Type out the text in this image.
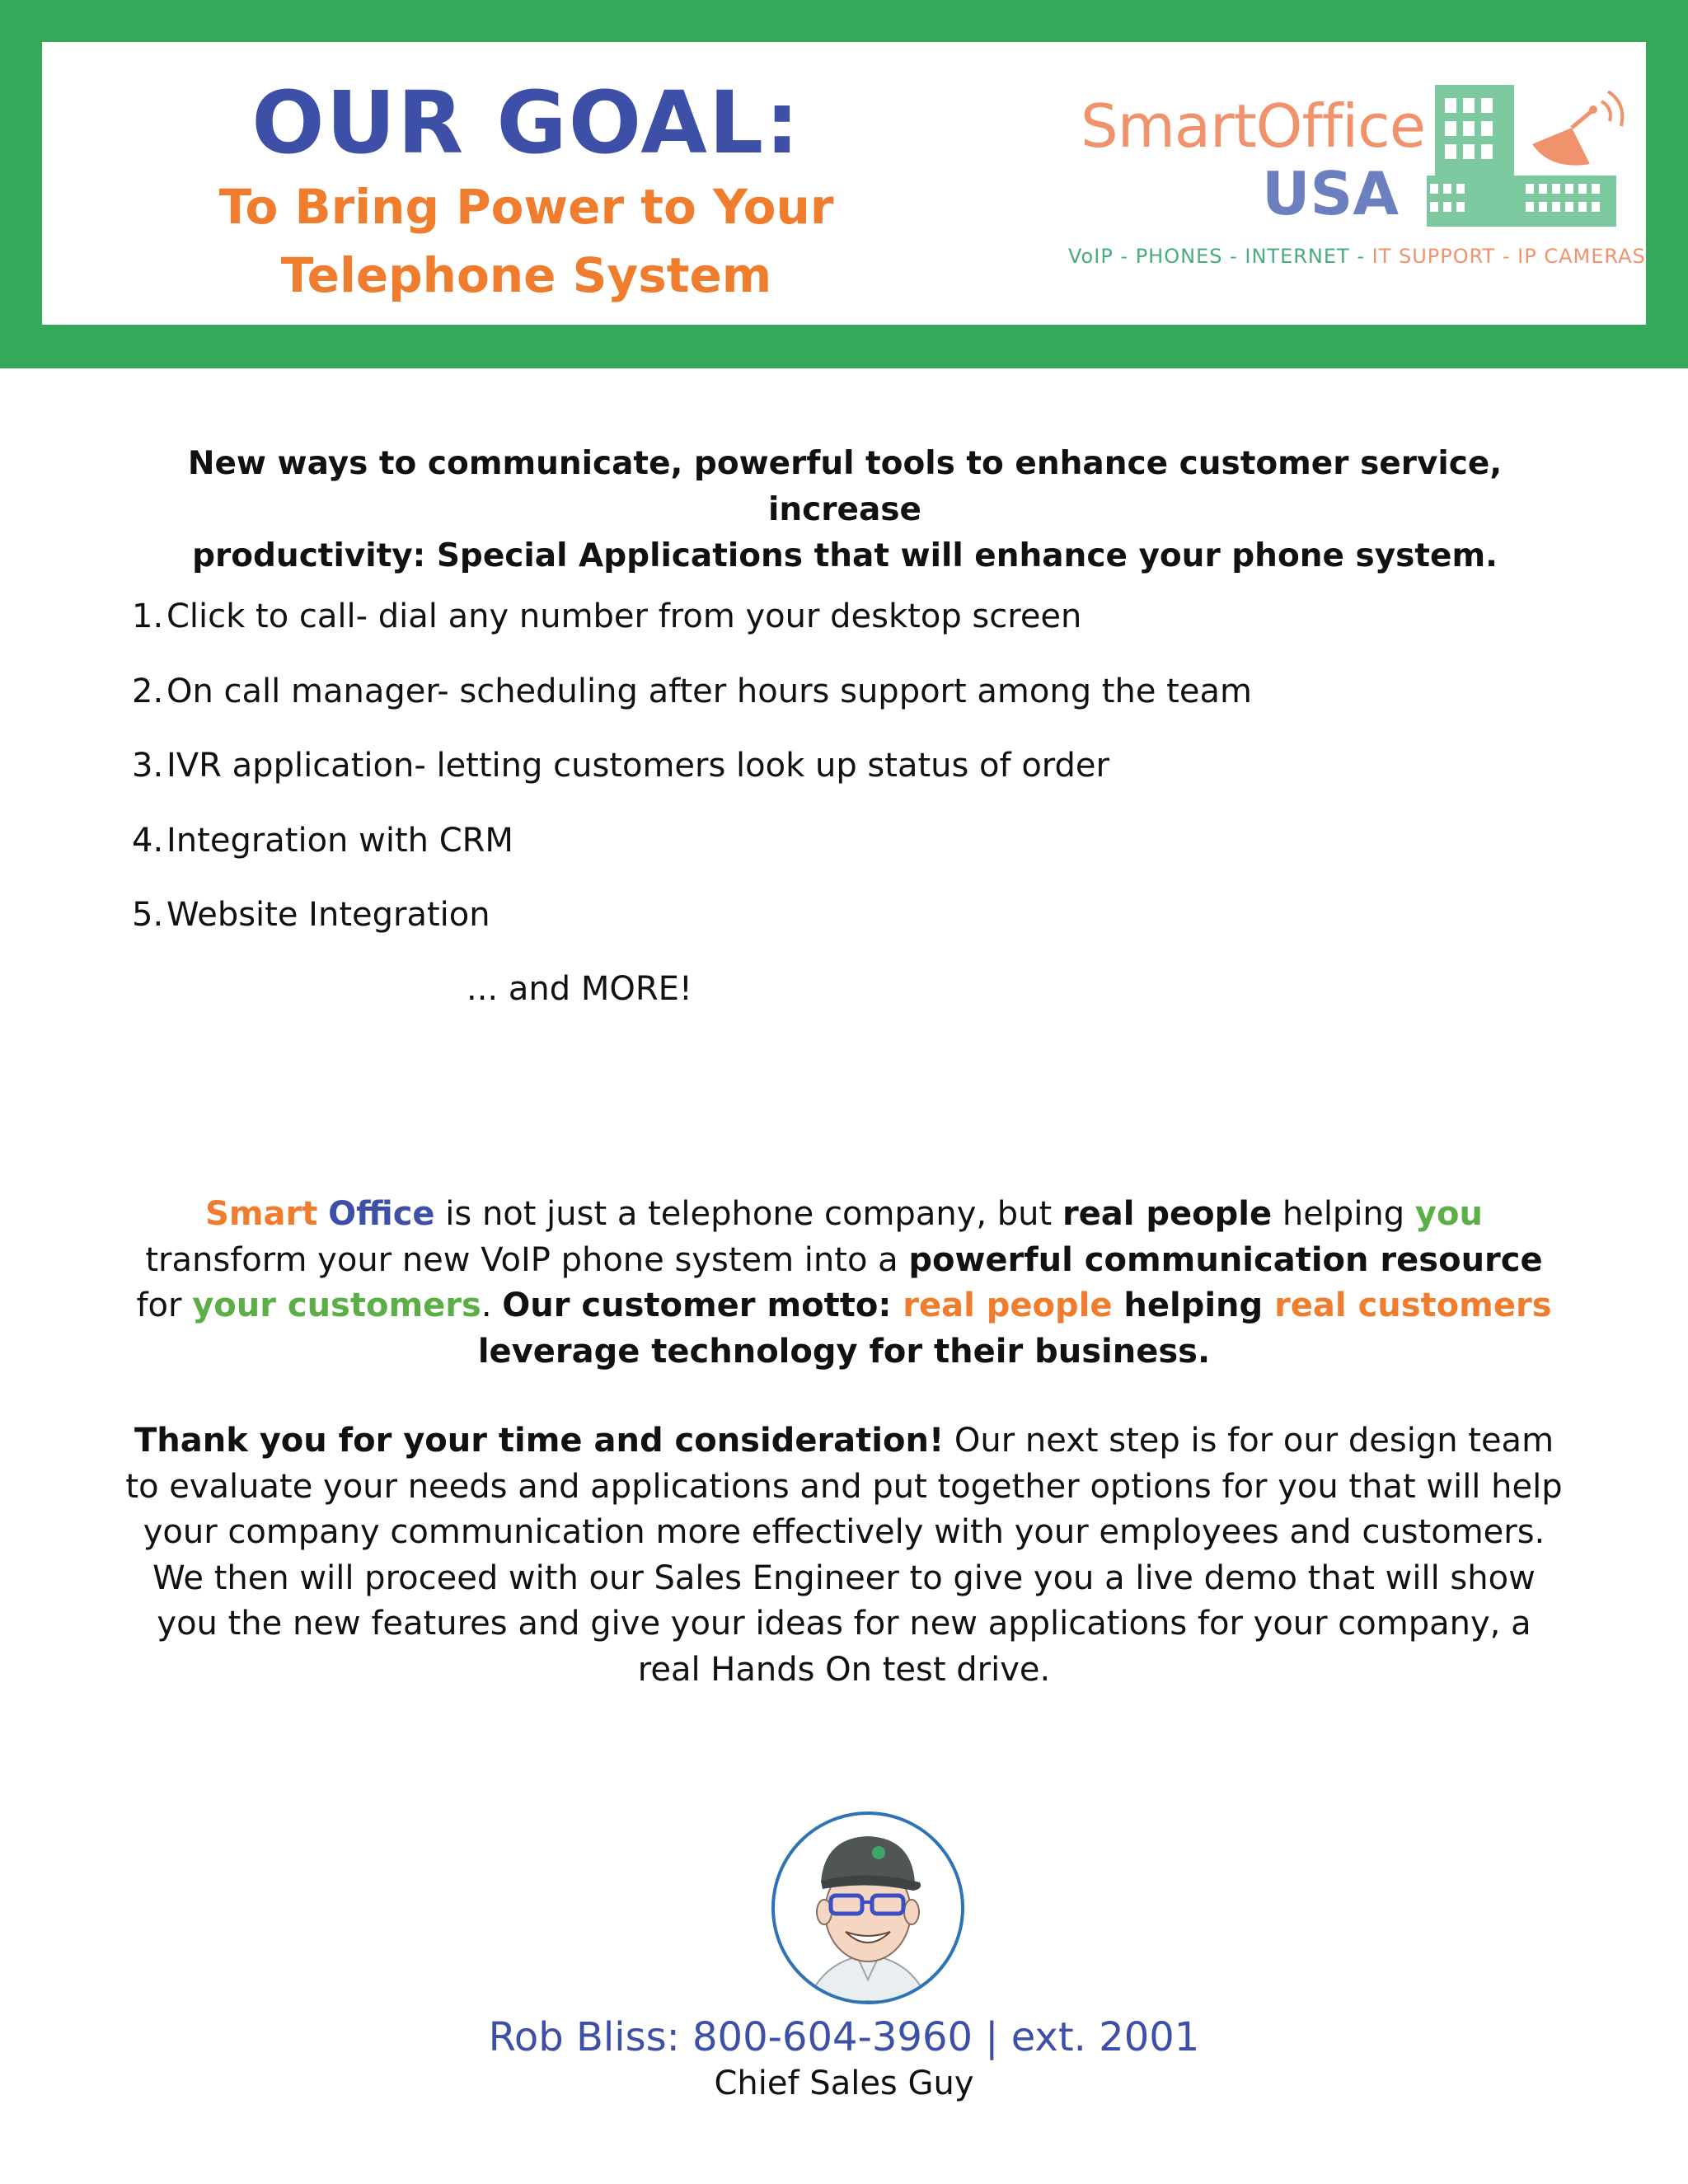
OUR GOAL:
To Bring Power to Your
Telephone System
SmartOffice
USA
VoIP - PHONES - INTERNET - IT SUPPORT - IP CAMERAS
New ways to communicate, powerful tools to enhance customer service, increase
productivity: Special Applications that will enhance your phone system.
1.Click to call- dial any number from your desktop screen
2.On call manager- scheduling after hours support among the team
3.IVR application- letting customers look up status of order
4.Integration with CRM
5.Website Integration
... and MORE!
Smart Office is not just a telephone company, but real people helping you transform your new VoIP phone system into a powerful communication resource for your customers. Our customer motto: real people helping real customers leverage technology for their business.
Thank you for your time and consideration! Our next step is for our design team to evaluate your needs and applications and put together options for you that will help your company communication more effectively with your employees and customers. We then will proceed with our Sales Engineer to give you a live demo that will show you the new features and give your ideas for new applications for your company, a real Hands On test drive.
Rob Bliss: 800-604-3960 | ext. 2001
Chief Sales Guy
